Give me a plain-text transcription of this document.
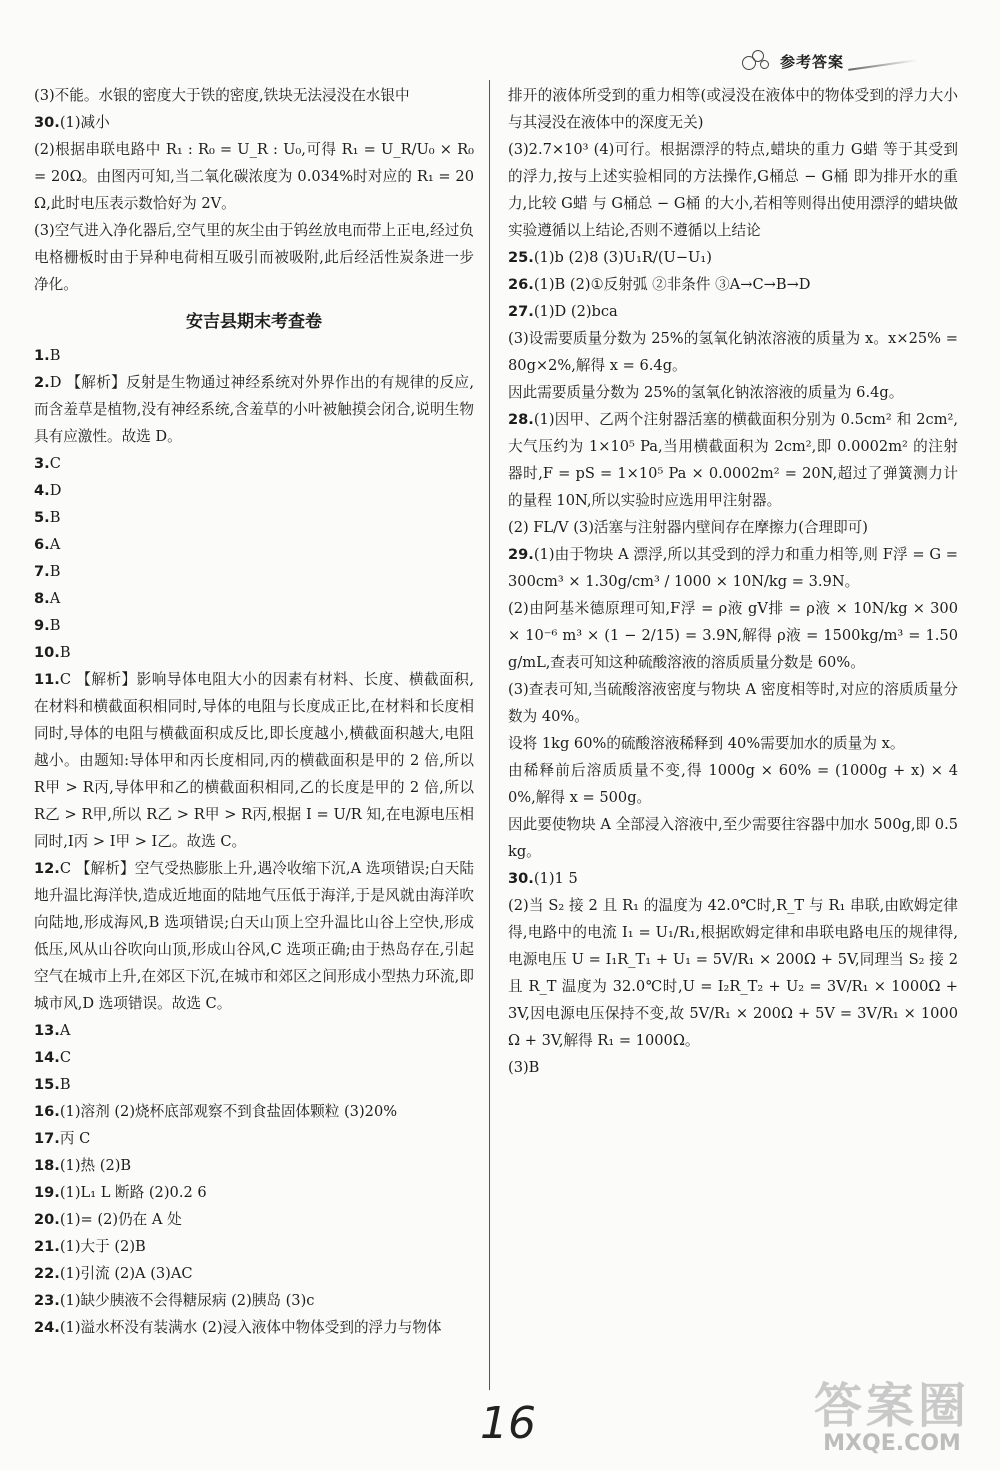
参考答案

(3)不能。水银的密度大于铁的密度,铁块无法浸没在水银中

30.(1)减小

(2)根据串联电路中 R₁ : R₀ = U_R : U₀,可得 R₁ = U_R/U₀ × R₀ = 20Ω。由图丙可知,当二氧化碳浓度为 0.034%时对应的 R₁ = 20Ω,此时电压表示数恰好为 2V。

(3)空气进入净化器后,空气里的灰尘由于钨丝放电而带上正电,经过负电格栅板时由于异种电荷相互吸引而被吸附,此后经活性炭条进一步净化。

安吉县期末考查卷

1.B

2.D 【解析】反射是生物通过神经系统对外界作出的有规律的反应,而含羞草是植物,没有神经系统,含羞草的小叶被触摸会闭合,说明生物具有应激性。故选 D。

3.C

4.D

5.B

6.A

7.B

8.A

9.B

10.B

11.C 【解析】影响导体电阻大小的因素有材料、长度、横截面积,在材料和横截面积相同时,导体的电阻与长度成正比,在材料和长度相同时,导体的电阻与横截面积成反比,即长度越小,横截面积越大,电阻越小。由题知:导体甲和丙长度相同,丙的横截面积是甲的 2 倍,所以 R甲 > R丙,导体甲和乙的横截面积相同,乙的长度是甲的 2 倍,所以 R乙 > R甲,所以 R乙 > R甲 > R丙,根据 I = U/R 知,在电源电压相同时,I丙 > I甲 > I乙。故选 C。

12.C 【解析】空气受热膨胀上升,遇冷收缩下沉,A 选项错误;白天陆地升温比海洋快,造成近地面的陆地气压低于海洋,于是风就由海洋吹向陆地,形成海风,B 选项错误;白天山顶上空升温比山谷上空快,形成低压,风从山谷吹向山顶,形成山谷风,C 选项正确;由于热岛存在,引起空气在城市上升,在郊区下沉,在城市和郊区之间形成小型热力环流,即城市风,D 选项错误。故选 C。

13.A

14.C

15.B

16.(1)溶剂 (2)烧杯底部观察不到食盐固体颗粒 (3)20%

17.丙 C

18.(1)热 (2)B

19.(1)L₁ L 断路 (2)0.2 6

20.(1)= (2)仍在 A 处

21.(1)大于 (2)B

22.(1)引流 (2)A (3)AC

23.(1)缺少胰液不会得糖尿病 (2)胰岛 (3)c

24.(1)溢水杯没有装满水 (2)浸入液体中物体受到的浮力与物体

排开的液体所受到的重力相等(或浸没在液体中的物体受到的浮力大小与其浸没在液体中的深度无关)

(3)2.7×10³ (4)可行。根据漂浮的特点,蜡块的重力 G蜡 等于其受到的浮力,按与上述实验相同的方法操作,G桶总 − G桶 即为排开水的重力,比较 G蜡 与 G桶总 − G桶 的大小,若相等则得出使用漂浮的蜡块做实验遵循以上结论,否则不遵循以上结论

25.(1)b (2)8 (3)U₁R/(U−U₁)

26.(1)B (2)①反射弧 ②非条件 ③A→C→B→D

27.(1)D (2)bca

(3)设需要质量分数为 25%的氢氧化钠浓溶液的质量为 x。x×25% = 80g×2%,解得 x = 6.4g。

因此需要质量分数为 25%的氢氧化钠浓溶液的质量为 6.4g。

28.(1)因甲、乙两个注射器活塞的横截面积分别为 0.5cm² 和 2cm²,大气压约为 1×10⁵ Pa,当用横截面积为 2cm²,即 0.0002m² 的注射器时,F = pS = 1×10⁵ Pa × 0.0002m² = 20N,超过了弹簧测力计的量程 10N,所以实验时应选用甲注射器。

(2) FL/V (3)活塞与注射器内壁间存在摩擦力(合理即可)

29.(1)由于物块 A 漂浮,所以其受到的浮力和重力相等,则 F浮 = G = 300cm³ × 1.30g/cm³ / 1000 × 10N/kg = 3.9N。

(2)由阿基米德原理可知,F浮 = ρ液 gV排 = ρ液 × 10N/kg × 300 × 10⁻⁶ m³ × (1 − 2/15) = 3.9N,解得 ρ液 = 1500kg/m³ = 1.50g/mL,查表可知这种硫酸溶液的溶质质量分数是 60%。

(3)查表可知,当硫酸溶液密度与物块 A 密度相等时,对应的溶质质量分数为 40%。

设将 1kg 60%的硫酸溶液稀释到 40%需要加水的质量为 x。

由稀释前后溶质质量不变,得 1000g × 60% = (1000g + x) × 40%,解得 x = 500g。

因此要使物块 A 全部浸入溶液中,至少需要往容器中加水 500g,即 0.5kg。

30.(1)1 5

(2)当 S₂ 接 2 且 R₁ 的温度为 42.0℃时,R_T 与 R₁ 串联,由欧姆定律得,电路中的电流 I₁ = U₁/R₁,根据欧姆定律和串联电路电压的规律得,电源电压 U = I₁R_T₁ + U₁ = 5V/R₁ × 200Ω + 5V,同理当 S₂ 接 2 且 R_T 温度为 32.0℃时,U = I₂R_T₂ + U₂ = 3V/R₁ × 1000Ω + 3V,因电源电压保持不变,故 5V/R₁ × 200Ω + 5V = 3V/R₁ × 1000Ω + 3V,解得 R₁ = 1000Ω。

(3)B

16	答案圈
MXQE.COM
